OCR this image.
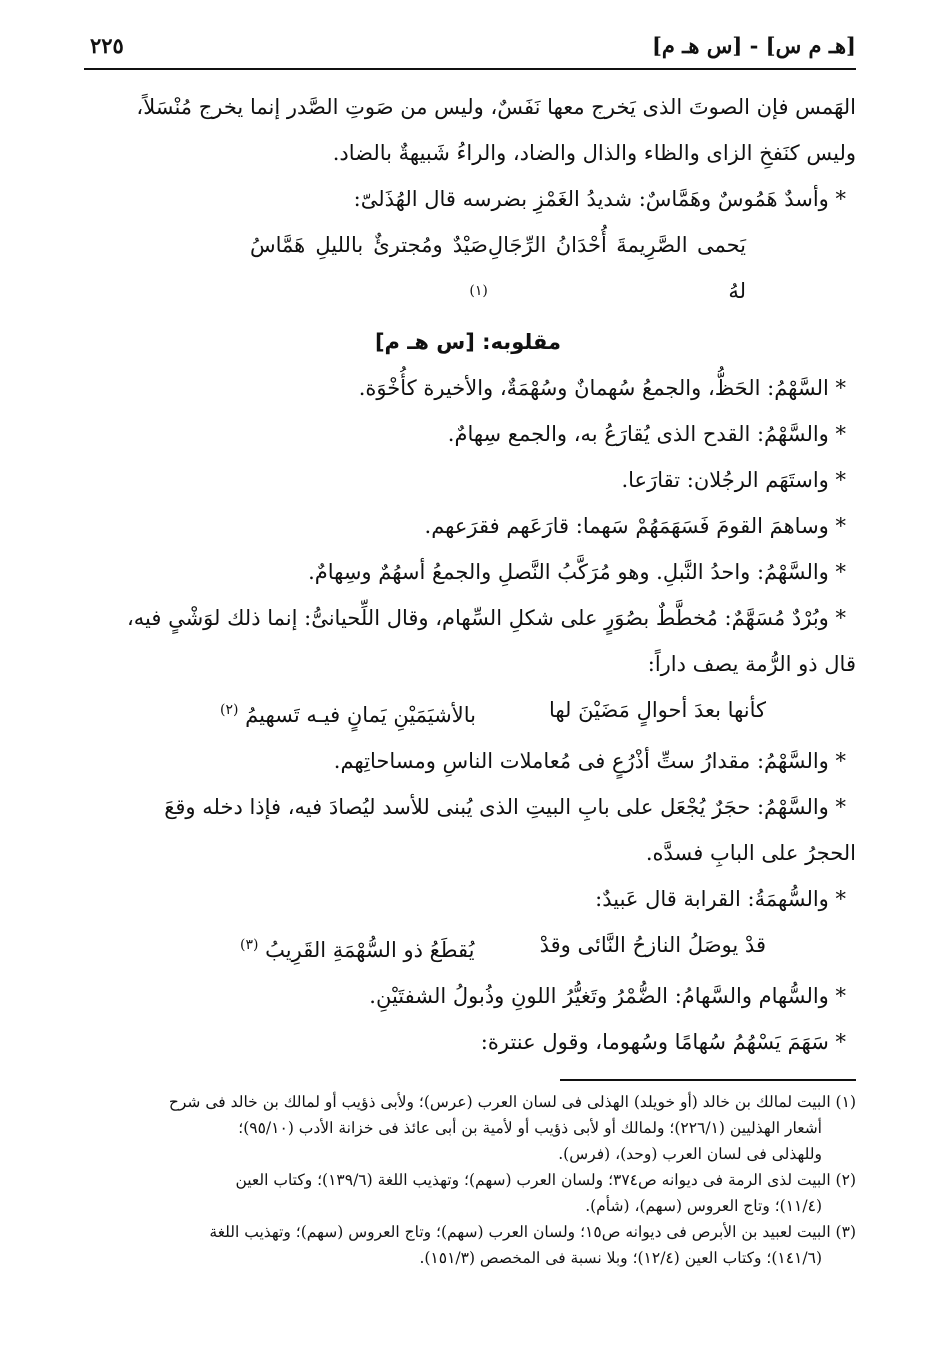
[هـ م س] - [س هـ م]
٢٢٥

الهَمس فإن الصوتَ الذى يَخرج معها نَفَسٌ، وليس من صَوتِ الصَّدر إنما يخرج مُنْسَلاً،

وليس كنَفخِ الزاى والظاء والذال والضاد، والراءُ شَبيهةٌ بالضاد.

* وأسدٌ هَمُوسٌ وهَمَّاسٌ: شديدُ الغَمْزِ بضرسه قال الهُذَلىّ:

يَحمى الصَّرِيمةَ أُحْدَانُ الرِّجَالِ لهُ
صَيْدٌ ومُجترئٌ بالليلِ هَمَّاسُ $^{(١)}$

مقلوبه: [س هـ م]

* السَّهْمُ: الحَظُّ، والجمعُ سُهمانٌ وسُهْمَةٌ، والأخيرة كأُخْوَة.

* والسَّهْمُ: القدح الذى يُقارَعُ به، والجمع سِهامٌ.

* واستَهَم الرجُلان: تقارَعا.

* وساهمَ القومَ فَسَهَمَهُمْ سَهما: قارَعَهم فقرَعهم.

* والسَّهْمُ: واحدُ النَّبلِ. وهو مُرَكَّبُ النَّصلِ والجمعُ أسهُمٌ وسِهامٌ.

* وبُرْدٌ مُسَهَّمٌ: مُخطَّطٌ بصُوَرٍ على شكلِ السِّهام، وقال اللِّحيانىُّ: إنما ذلك لوَشْىٍ فيه،

قال ذو الرُّمة يصف داراً:

كأنها بعدَ أحوالٍ مَضَيْنَ لها
بالأشيَمَيْنِ يَمانٍ فيـه تَسهيمُ $^{(٢)}$

* والسَّهْمُ: مقدارُ ستِّ أذْرُعٍ فى مُعاملات الناسِ ومساحاتِهم.

* والسَّهْمُ: حجَرٌ يُجْعَل على بابِ البيتِ الذى يُبنى للأسد ليُصادَ فيه، فإذا دخله وقعَ

الحجرُ على البابِ فسدَّه.

* والسُّهمَةُ: القرابة قال عَبيدٌ:

قدْ يوصَلُ النازحُ النَّائى وقدْ
يُقطَعُ ذو السُّهْمَةِ القَرِيبُ $^{(٣)}$

* والسُّهام والسَّهامُ: الضُّمْرُ وتَغيُّرُ اللونِ وذُبولُ الشفتَيْنِ.

* سَهَمَ يَسْهُمُ سُهامًا وسُهوما، وقول عنترة:

(١) البيت لمالك بن خالد (أو خويلد) الهذلى فى لسان العرب (عرس)؛ ولأبى ذؤيب أو لمالك بن خالد فى شرح

أشعار الهذليين (٢٢٦/١)؛ ولمالك أو لأبى ذؤيب أو لأمية بن أبى عائذ فى خزانة الأدب (٩٥/١٠)؛

وللهذلى فى لسان العرب (وحد)، (فرس).

(٢) البيت لذى الرمة فى ديوانه ص٣٧٤؛ ولسان العرب (سهم)؛ وتهذيب اللغة (١٣٩/٦)؛ وكتاب العين

(١١/٤)؛ وتاج العروس (سهم)، (شأم).

(٣) البيت لعبيد بن الأبرص فى ديوانه ص١٥؛ ولسان العرب (سهم)؛ وتاج العروس (سهم)؛ وتهذيب اللغة

(١٤١/٦)؛ وكتاب العين (١٢/٤)؛ وبلا نسبة فى المخصص (١٥١/٣).
